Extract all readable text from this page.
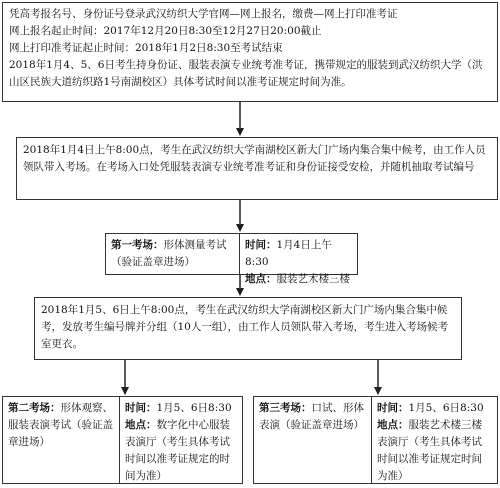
凭高考报名号、身份证号登录武汉纺织大学官网—网上报名，缴费—网上打印准考证

网上报名起止时间：2017年12月20日8:30至12月27日20:00截止

网上打印准考证起止时间：2018年1月2日8:30至考试结束

2018年1月4、5、6日考生持身份证、服装表演专业统考准考证，携带规定的服装到武汉纺织大学（洪山区民族大道纺织路1号南湖校区）具体考试时间以准考证规定时间为准。

2018年1月4日上午8:00点，考生在武汉纺织大学南湖校区新大门广场内集合集中候考，由工作人员领队带入考场。在考场入口处凭服装表演专业统考准考证和身份证接受安检，并随机抽取考试编号

第一考场：形体测量考试（验证盖章进场）
时间：1月4日上午8:30
地点：服装艺术楼三楼

2018年1月5、6日上午8:00点，考生在武汉纺织大学南湖校区新大门广场内集合集中候考，发放考生编号牌并分组（10人一组），由工作人员领队带入考场，考生进入考场候考室更衣。

第二考场：形体观察、服装表演考试（验证盖章进场）
时间：1月5、6日8:30
地点：数字化中心服装表演厅（考生具体考试时间以准考证规定的时间为准）
第三考场：口试、形体表演（验证盖章进场）
时间：1月5、6日8:30
地点：服装艺术楼三楼表演厅（考生具体考试时间以准考证规定时间为准）
